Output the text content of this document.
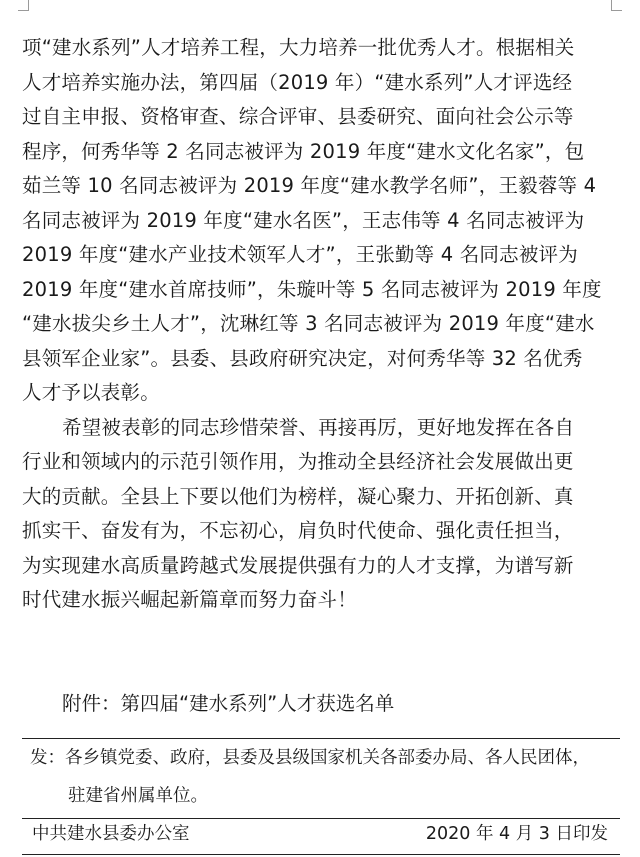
项“建水系列”人才培养工程，大力培养一批优秀人才。根据相关
人才培养实施办法，第四届（2019 年）“建水系列”人才评选经
过自主申报、资格审查、综合评审、县委研究、面向社会公示等
程序，何秀华等 2 名同志被评为 2019 年度“建水文化名家”，包
茹兰等 10 名同志被评为 2019 年度“建水教学名师”，王毅蓉等 4
名同志被评为 2019 年度“建水名医”，王志伟等 4 名同志被评为
2019 年度“建水产业技术领军人才”，王张勤等 4 名同志被评为
2019 年度“建水首席技师”，朱璇叶等 5 名同志被评为 2019 年度
“建水拔尖乡土人才”，沈琳红等 3 名同志被评为 2019 年度“建水
县领军企业家”。县委、县政府研究决定，对何秀华等 32 名优秀
人才予以表彰。
希望被表彰的同志珍惜荣誉、再接再厉，更好地发挥在各自
行业和领域内的示范引领作用，为推动全县经济社会发展做出更
大的贡献。全县上下要以他们为榜样，凝心聚力、开拓创新、真
抓实干、奋发有为，不忘初心，肩负时代使命、强化责任担当，
为实现建水高质量跨越式发展提供强有力的人才支撑，为谱写新
时代建水振兴崛起新篇章而努力奋斗！
附件：第四届“建水系列”人才获选名单
发：各乡镇党委、政府，县委及县级国家机关各部委办局、各人民团体，
驻建省州属单位。
中共建水县委办公室	2020 年 4 月 3 日印发
